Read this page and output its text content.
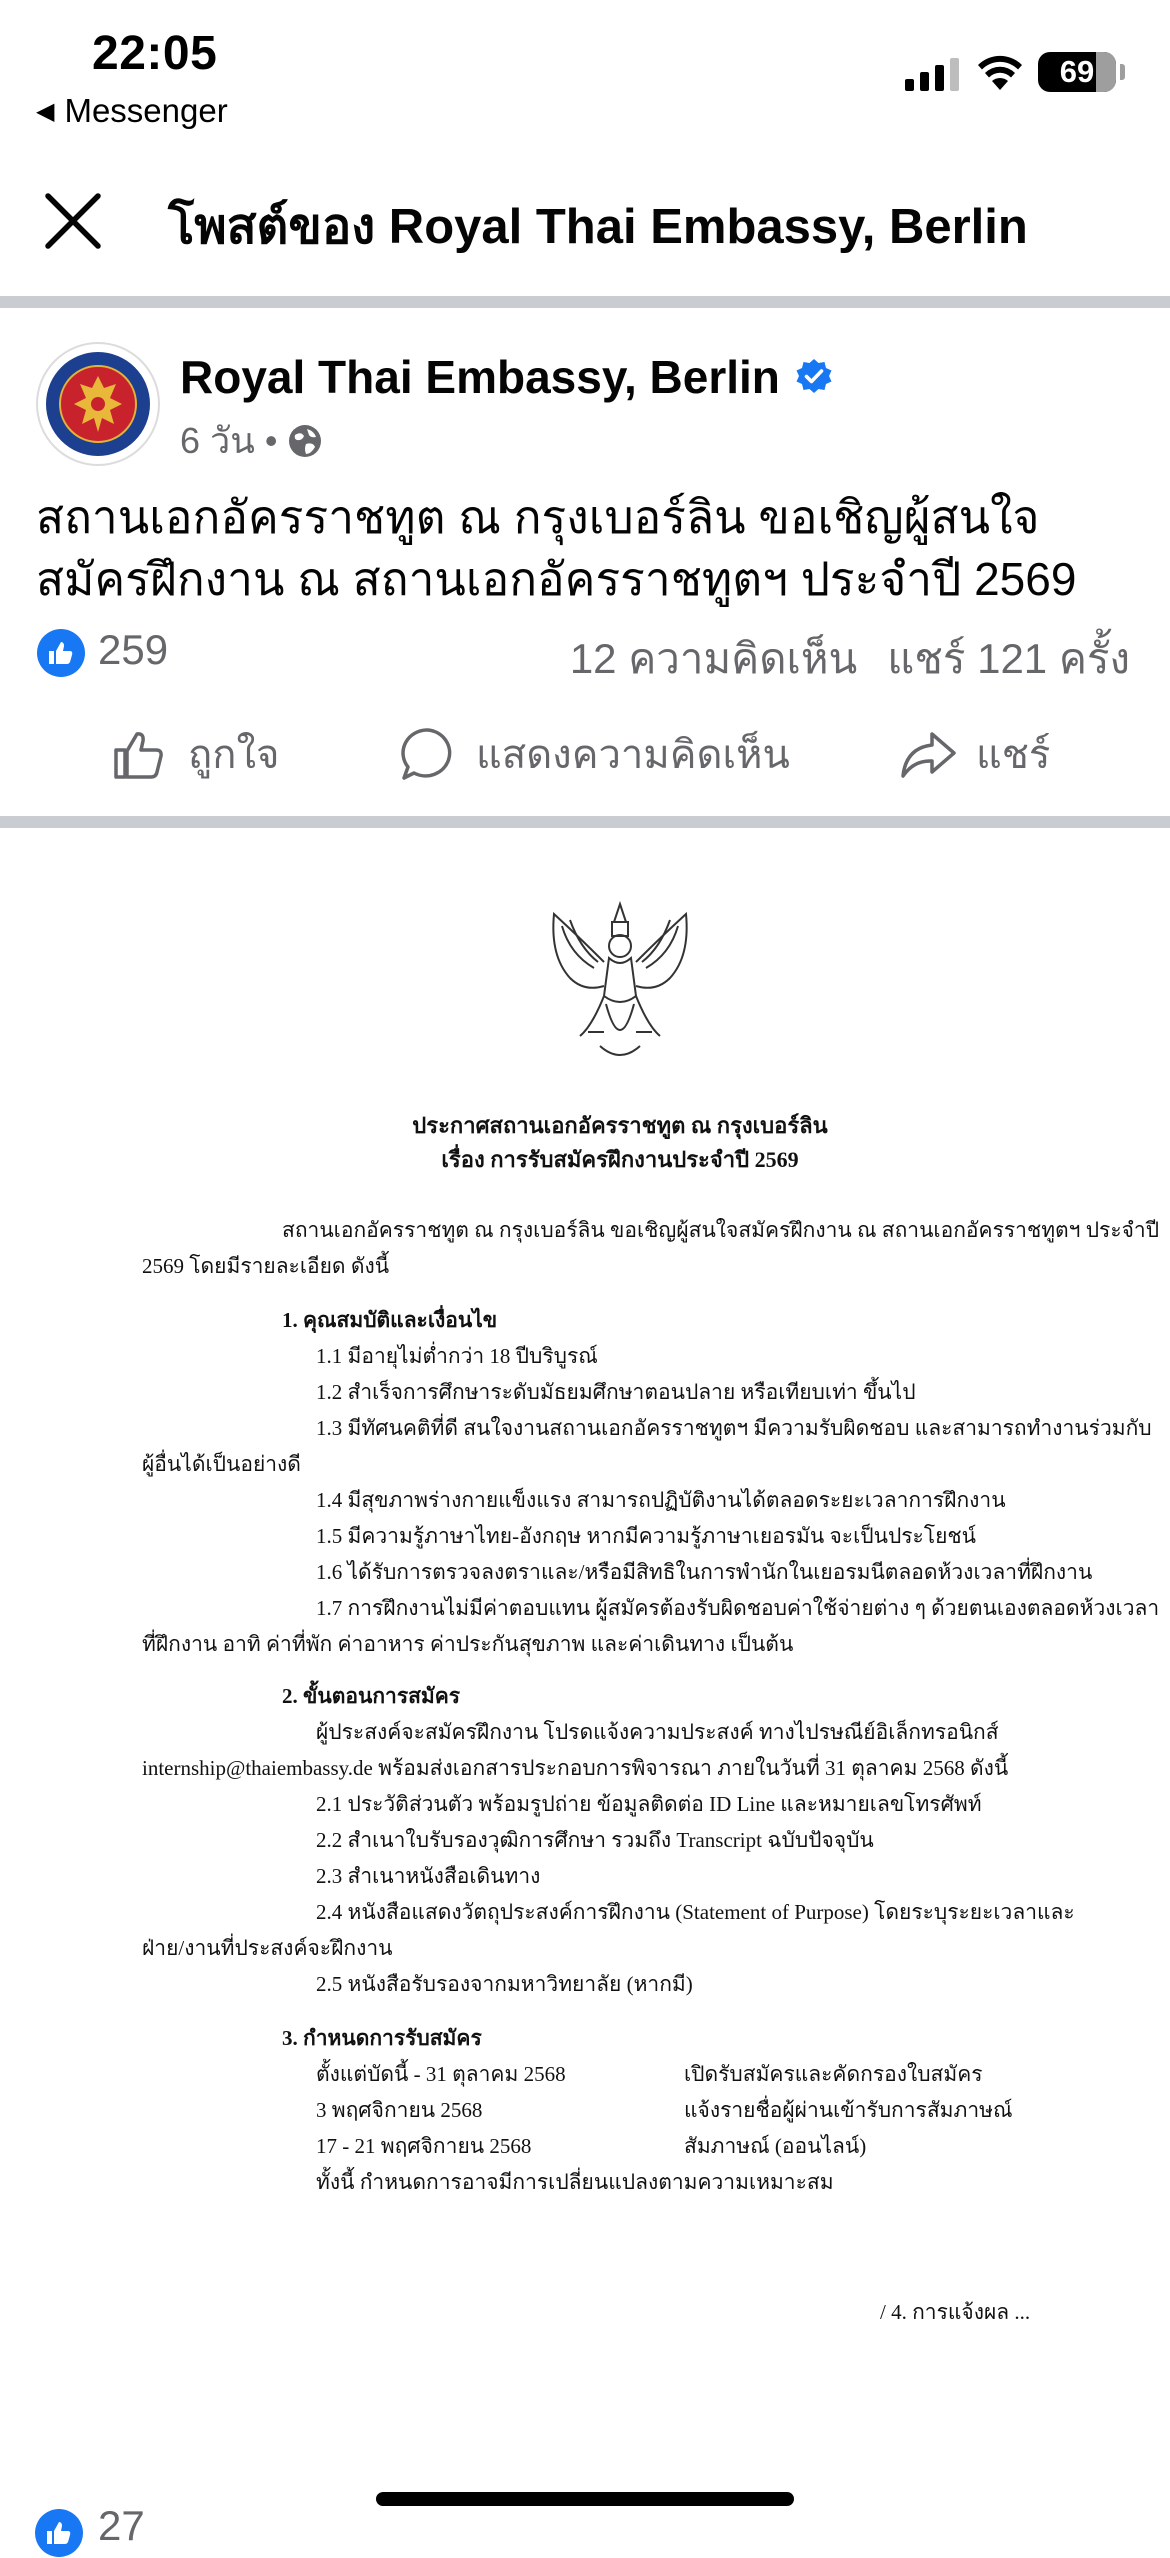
22:05
◀ Messenger
69
โพสต์ของ Royal Thai Embassy, Berlin
Royal Thai Embassy, Berlin
6 วัน •
สถานเอกอัครราชทูต ณ กรุงเบอร์ลิน ขอเชิญผู้สนใจสมัครฝึกงาน ณ สถานเอกอัครราชทูตฯ ประจำปี 2569
259	12 ความคิดเห็น แชร์ 121 ครั้ง
ถูกใจ	แสดงความคิดเห็น	แชร์
ประกาศสถานเอกอัครราชทูต ณ กรุงเบอร์ลิน
เรื่อง การรับสมัครฝึกงานประจำปี 2569
สถานเอกอัครราชทูต ณ กรุงเบอร์ลิน ขอเชิญผู้สนใจสมัครฝึกงาน ณ สถานเอกอัครราชทูตฯ ประจำปี
2569 โดยมีรายละเอียด ดังนี้
1. คุณสมบัติและเงื่อนไข
1.1 มีอายุไม่ต่ำกว่า 18 ปีบริบูรณ์
1.2 สำเร็จการศึกษาระดับมัธยมศึกษาตอนปลาย หรือเทียบเท่า ขึ้นไป
1.3 มีทัศนคติที่ดี สนใจงานสถานเอกอัครราชทูตฯ มีความรับผิดชอบ และสามารถทำงานร่วมกับ
ผู้อื่นได้เป็นอย่างดี
1.4 มีสุขภาพร่างกายแข็งแรง สามารถปฏิบัติงานได้ตลอดระยะเวลาการฝึกงาน
1.5 มีความรู้ภาษาไทย-อังกฤษ หากมีความรู้ภาษาเยอรมัน จะเป็นประโยชน์
1.6 ได้รับการตรวจลงตราและ/หรือมีสิทธิในการพำนักในเยอรมนีตลอดห้วงเวลาที่ฝึกงาน
1.7 การฝึกงานไม่มีค่าตอบแทน ผู้สมัครต้องรับผิดชอบค่าใช้จ่ายต่าง ๆ ด้วยตนเองตลอดห้วงเวลา
ที่ฝึกงาน อาทิ ค่าที่พัก ค่าอาหาร ค่าประกันสุขภาพ และค่าเดินทาง เป็นต้น
2. ขั้นตอนการสมัคร
ผู้ประสงค์จะสมัครฝึกงาน โปรดแจ้งความประสงค์ ทางไปรษณีย์อิเล็กทรอนิกส์
internship@thaiembassy.de พร้อมส่งเอกสารประกอบการพิจารณา ภายในวันที่ 31 ตุลาคม 2568 ดังนี้
2.1 ประวัติส่วนตัว พร้อมรูปถ่าย ข้อมูลติดต่อ ID Line และหมายเลขโทรศัพท์
2.2 สำเนาใบรับรองวุฒิการศึกษา รวมถึง Transcript ฉบับปัจจุบัน
2.3 สำเนาหนังสือเดินทาง
2.4 หนังสือแสดงวัตถุประสงค์การฝึกงาน (Statement of Purpose) โดยระบุระยะเวลาและ
ฝ่าย/งานที่ประสงค์จะฝึกงาน
2.5 หนังสือรับรองจากมหาวิทยาลัย (หากมี)
3. กำหนดการรับสมัคร
ตั้งแต่บัดนี้ - 31 ตุลาคม 2568	เปิดรับสมัครและคัดกรองใบสมัคร
3 พฤศจิกายน 2568	แจ้งรายชื่อผู้ผ่านเข้ารับการสัมภาษณ์
17 - 21 พฤศจิกายน 2568	สัมภาษณ์ (ออนไลน์)
ทั้งนี้ กำหนดการอาจมีการเปลี่ยนแปลงตามความเหมาะสม
/ 4. การแจ้งผล ...
27
